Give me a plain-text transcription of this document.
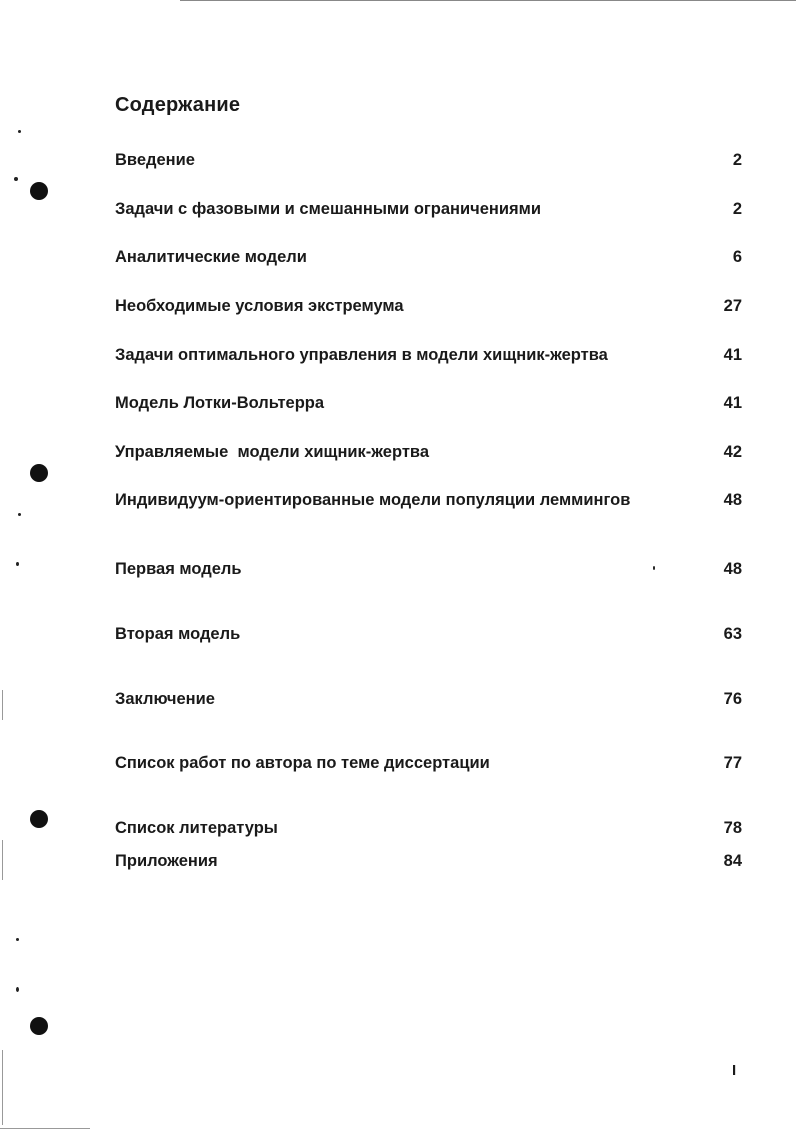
Содержание
Введение	2
Задачи с фазовыми и смешанными ограничениями	2
Аналитические модели	6
Необходимые условия экстремума	27
Задачи оптимального управления в модели хищник-жертва	41
Модель Лотки-Вольтерра	41
Управляемые  модели хищник-жертва	42
Индивидуум-ориентированные модели популяции леммингов	48
Первая модель	48
Вторая модель	63
Заключение	76
Список работ по автора по теме диссертации	77
Список литературы	78
Приложения	84
I
